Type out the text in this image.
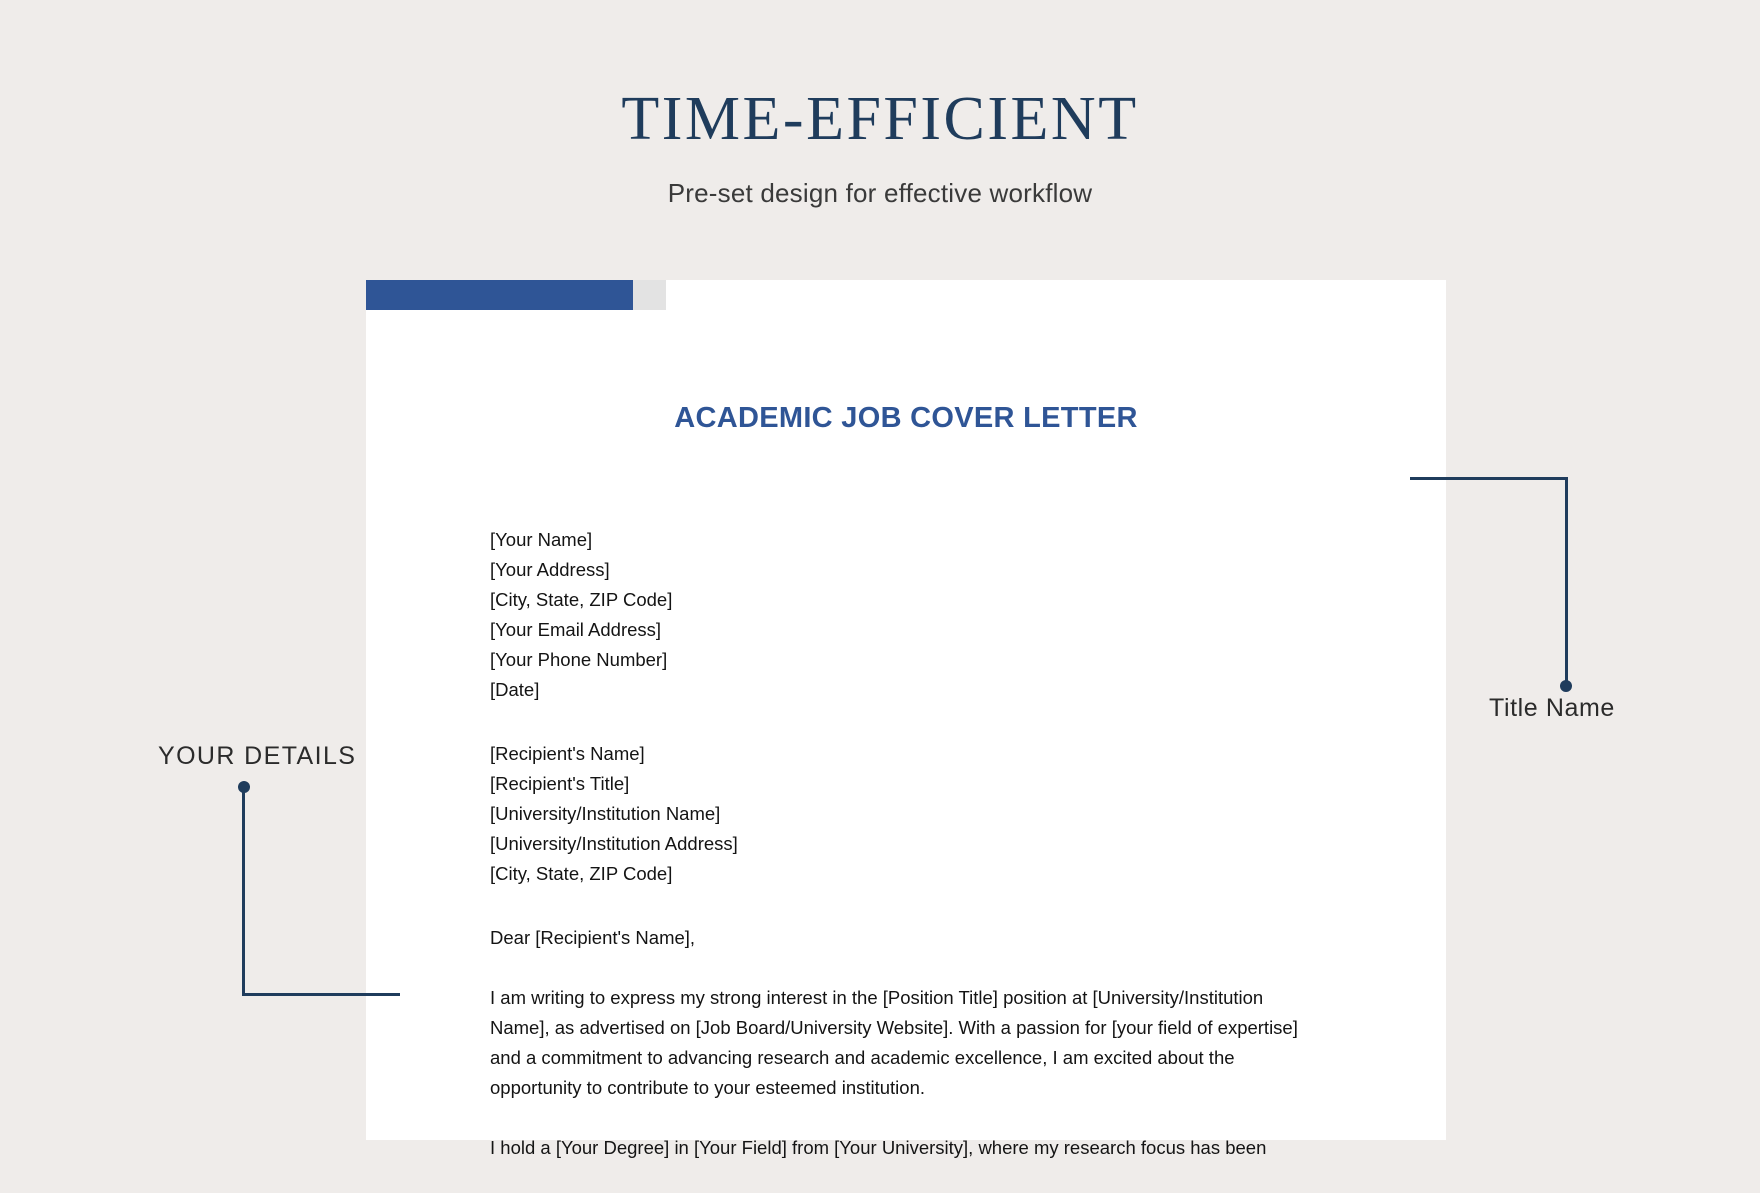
TIME-EFFICIENT

Pre-set design for effective workflow

ACADEMIC JOB COVER LETTER
[Your Name]
[Your Address]
[City, State, ZIP Code]
[Your Email Address]
[Your Phone Number]
[Date]
[Recipient's Name]
[Recipient's Title]
[University/Institution Name]
[University/Institution Address]
[City, State, ZIP Code]

Dear [Recipient's Name],

I am writing to express my strong interest in the [Position Title] position at [University/Institution Name], as advertised on [Job Board/University Website]. With a passion for [your field of expertise] and a commitment to advancing research and academic excellence, I am excited about the opportunity to contribute to your esteemed institution.

I hold a [Your Degree] in [Your Field] from [Your University], where my research focus has been

YOUR DETAILS
Title Name
